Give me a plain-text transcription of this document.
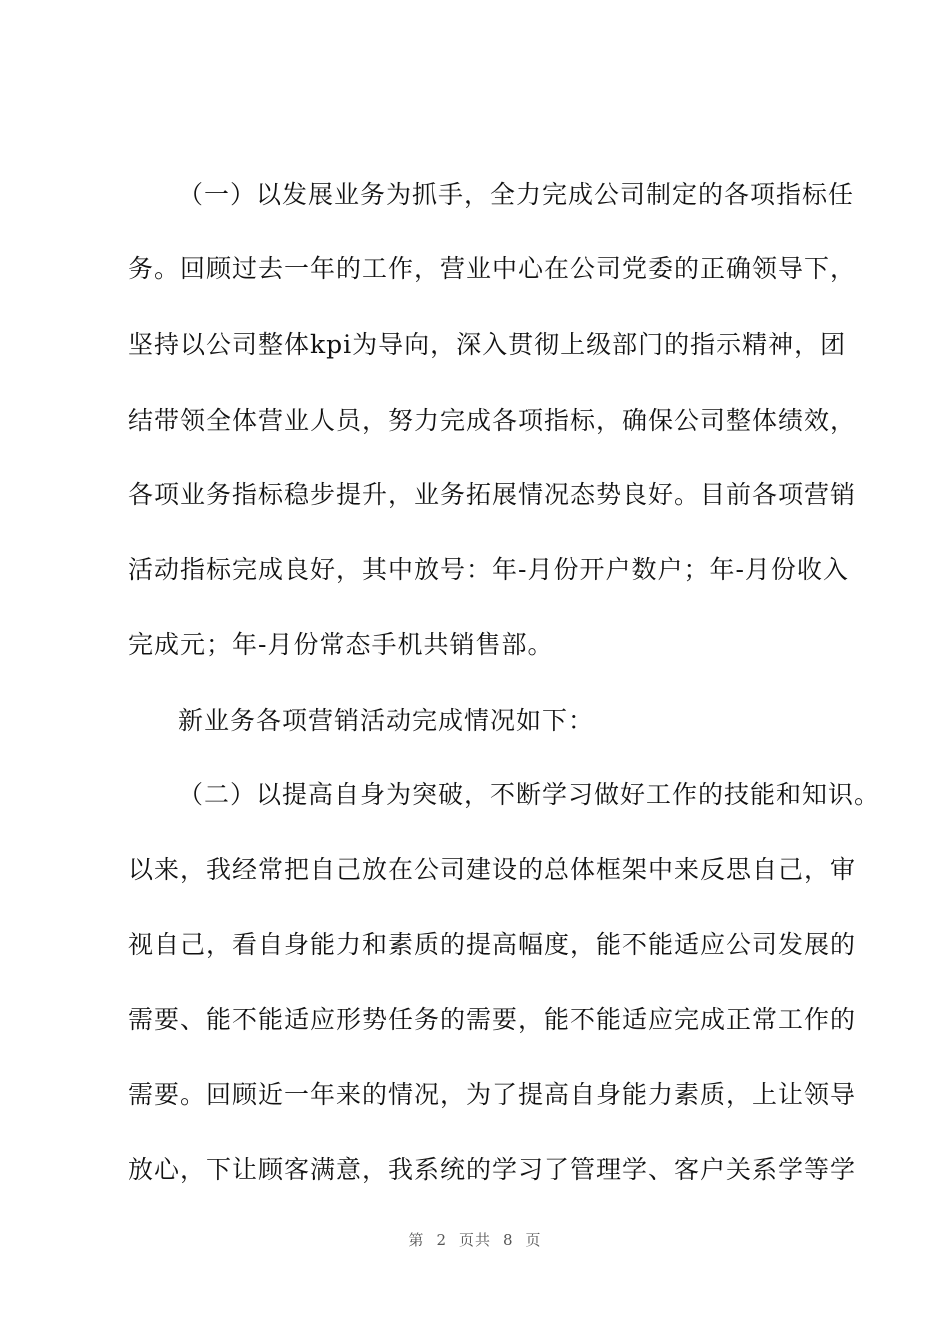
（一）以发展业务为抓手，全力完成公司制定的各项指标任
务。回顾过去一年的工作，营业中心在公司党委的正确领导下，
坚持以公司整体kpi为导向，深入贯彻上级部门的指示精神，团
结带领全体营业人员，努力完成各项指标，确保公司整体绩效，
各项业务指标稳步提升，业务拓展情况态势良好。目前各项营销
活动指标完成良好，其中放号：年-月份开户数户；年-月份收入
完成元；年-月份常态手机共销售部。
新业务各项营销活动完成情况如下：
（二）以提高自身为突破，不断学习做好工作的技能和知识。
以来，我经常把自己放在公司建设的总体框架中来反思自己，审
视自己，看自身能力和素质的提高幅度，能不能适应公司发展的
需要、能不能适应形势任务的需要，能不能适应完成正常工作的
需要。回顾近一年来的情况，为了提高自身能力素质，上让领导
放心，下让顾客满意，我系统的学习了管理学、客户关系学等学
第 2 页共 8 页
